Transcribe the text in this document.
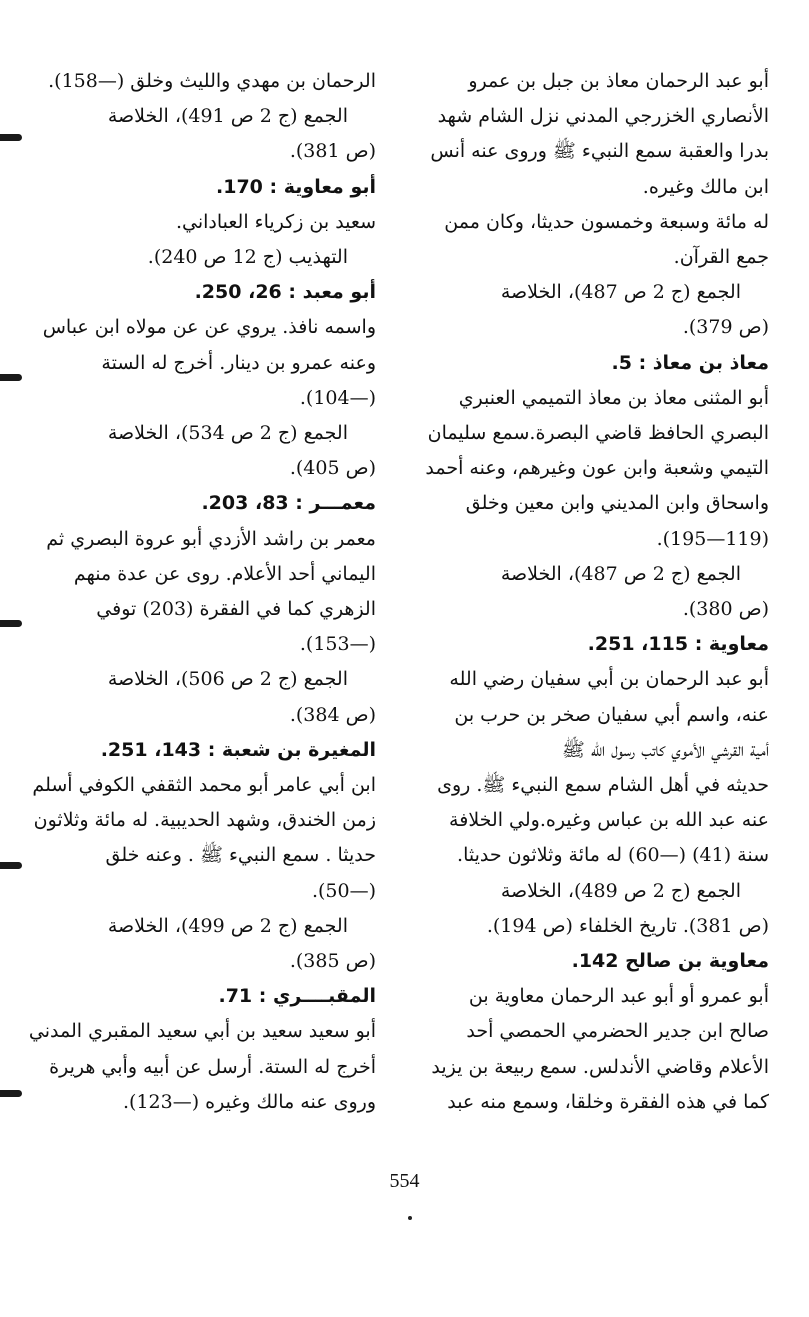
أبو عبد الرحمان معاذ بن جبل بن عمرو
الأنصاري الخزرجي المدني نزل الشام شهد
بدرا والعقبة سمع النبيء ﷺ وروى عنه أنس
ابن مالك وغيره.
له مائة وسبعة وخمسون حديثا، وكان ممن
جمع القرآن.
الجمع (ج 2 ص 487)، الخلاصة
(ص 379).
معاذ بن معاذ : 5.
أبو المثنى معاذ بن معاذ التميمي العنبري
البصري الحافظ قاضي البصرة.سمع سليمان
التيمي وشعبة وابن عون وغيرهم، وعنه أحمد
واسحاق وابن المديني وابن معين وخلق
(119—195).
الجمع (ج 2 ص 487)، الخلاصة
(ص 380).
معاوية : 115، 251.
أبو عبد الرحمان بن أبي سفيان رضي الله
عنه، واسم أبي سفيان صخر بن حرب بن
أمية القرشي الأموي كاتب رسول الله ﷺ
حديثه في أهل الشام سمع النبيء ﷺ. روى
عنه عبد الله بن عباس وغيره.ولي الخلافة
سنة (41) (—60) له مائة وثلاثون حديثا.
الجمع (ج 2 ص 489)، الخلاصة
(ص 381). تاريخ الخلفاء (ص 194).
معاوية بن صالح 142.
أبو عمرو أو أبو عبد الرحمان معاوية بن
صالح ابن جدير الحضرمي الحمصي أحد
الأعلام وقاضي الأندلس. سمع ربيعة بن يزيد
كما في هذه الفقرة وخلقا، وسمع منه عبد
الرحمان بن مهدي والليث وخلق (—158).
الجمع (ج 2 ص 491)، الخلاصة
(ص 381).
أبو معاوية : 170.
سعيد بن زكرياء العباداني.
التهذيب (ج 12 ص 240).
أبو معبد : 26، 250.
واسمه نافذ. يروي عن عن مولاه ابن عباس
وعنه عمرو بن دينار. أخرج له الستة
(—104).
الجمع (ج 2 ص 534)، الخلاصة
(ص 405).
معمـــر : 83، 203.
معمر بن راشد الأزدي أبو عروة البصري ثم
اليماني أحد الأعلام. روى عن عدة منهم
الزهري كما في الفقرة (203) توفي
(—153).
الجمع (ج 2 ص 506)، الخلاصة
(ص 384).
المغيرة بن شعبة : 143، 251.
ابن أبي عامر أبو محمد الثقفي الكوفي أسلم
زمن الخندق، وشهد الحديبية. له مائة وثلاثون
حديثا . سمع النبيء ﷺ . وعنه خلق
(—50).
الجمع (ج 2 ص 499)، الخلاصة
(ص 385).
المقبــــري : 71.
أبو سعيد سعيد بن أبي سعيد المقبري المدني
أخرج له الستة. أرسل عن أبيه وأبي هريرة
وروى عنه مالك وغيره (—123).
554
